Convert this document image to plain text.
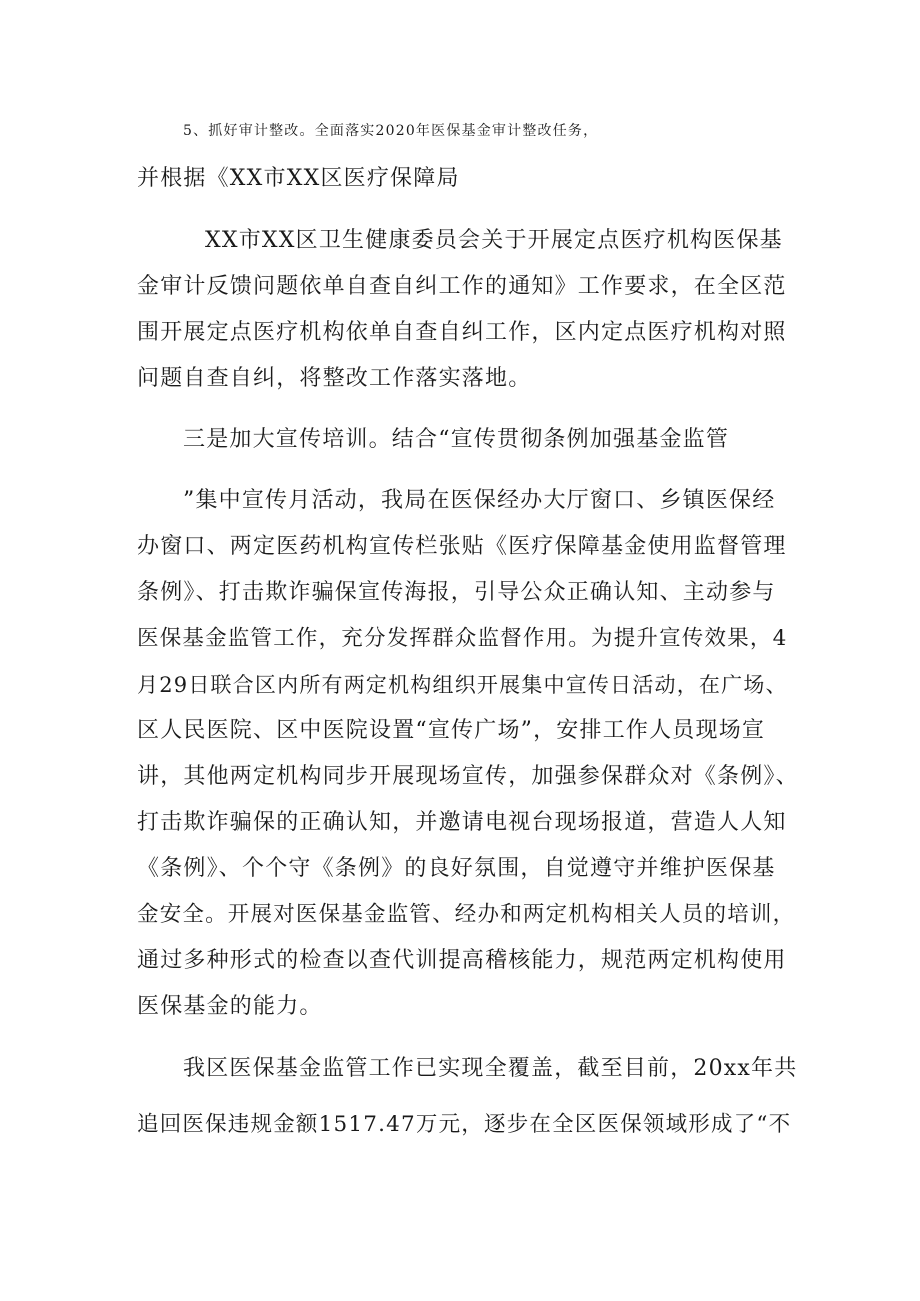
5、抓好审计整改。全面落实2020年医保基金审计整改任务，
并根据《XX市XX区医疗保障局
XX市XX区卫生健康委员会关于开展定点医疗机构医保基
金审计反馈问题依单自查自纠工作的通知》工作要求，在全区范
围开展定点医疗机构依单自查自纠工作，区内定点医疗机构对照
问题自查自纠，将整改工作落实落地。
三是加大宣传培训。结合“宣传贯彻条例加强基金监管
”集中宣传月活动，我局在医保经办大厅窗口、乡镇医保经
办窗口、两定医药机构宣传栏张贴《医疗保障基金使用监督管理
条例》、打击欺诈骗保宣传海报，引导公众正确认知、主动参与
医保基金监管工作，充分发挥群众监督作用。为提升宣传效果，4
月29日联合区内所有两定机构组织开展集中宣传日活动，在广场、
区人民医院、区中医院设置“宣传广场”，安排工作人员现场宣
讲，其他两定机构同步开展现场宣传，加强参保群众对《条例》、
打击欺诈骗保的正确认知，并邀请电视台现场报道，营造人人知
《条例》、个个守《条例》的良好氛围，自觉遵守并维护医保基
金安全。开展对医保基金监管、经办和两定机构相关人员的培训，
通过多种形式的检查以查代训提高稽核能力，规范两定机构使用
医保基金的能力。
我区医保基金监管工作已实现全覆盖，截至目前，20xx年共
追回医保违规金额1517.47万元，逐步在全区医保领域形成了“不
